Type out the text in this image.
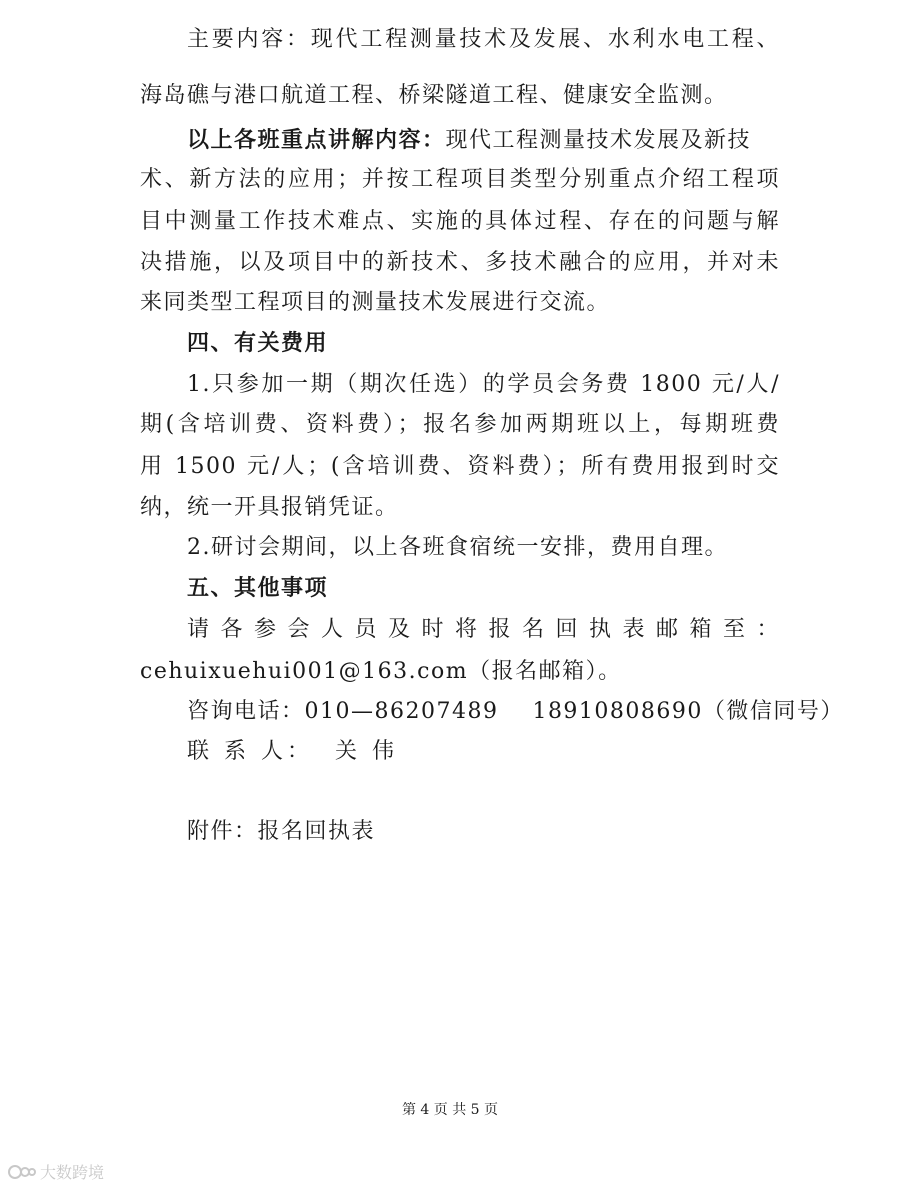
主要内容：现代工程测量技术及发展、水利水电工程、
海岛礁与港口航道工程、桥梁隧道工程、健康安全监测。
以上各班重点讲解内容：现代工程测量技术发展及新技
术、新方法的应用；并按工程项目类型分别重点介绍工程项
目中测量工作技术难点、实施的具体过程、存在的问题与解
决措施，以及项目中的新技术、多技术融合的应用，并对未
来同类型工程项目的测量技术发展进行交流。
四、有关费用
1.只参加一期（期次任选）的学员会务费 1800 元/人/
期(含培训费、资料费）；报名参加两期班以上，每期班费
用 1500 元/人；(含培训费、资料费）；所有费用报到时交
纳，统一开具报销凭证。
2.研讨会期间，以上各班食宿统一安排，费用自理。
五、其他事项
请各参会人员及时将报名回执表邮箱至：
cehuixuehui001@163.com（报名邮箱）。
咨询电话：010—86207489    18910808690（微信同号）
联 系 人：  关 伟
附件：报名回执表
第 4 页 共 5 页
大数跨境
